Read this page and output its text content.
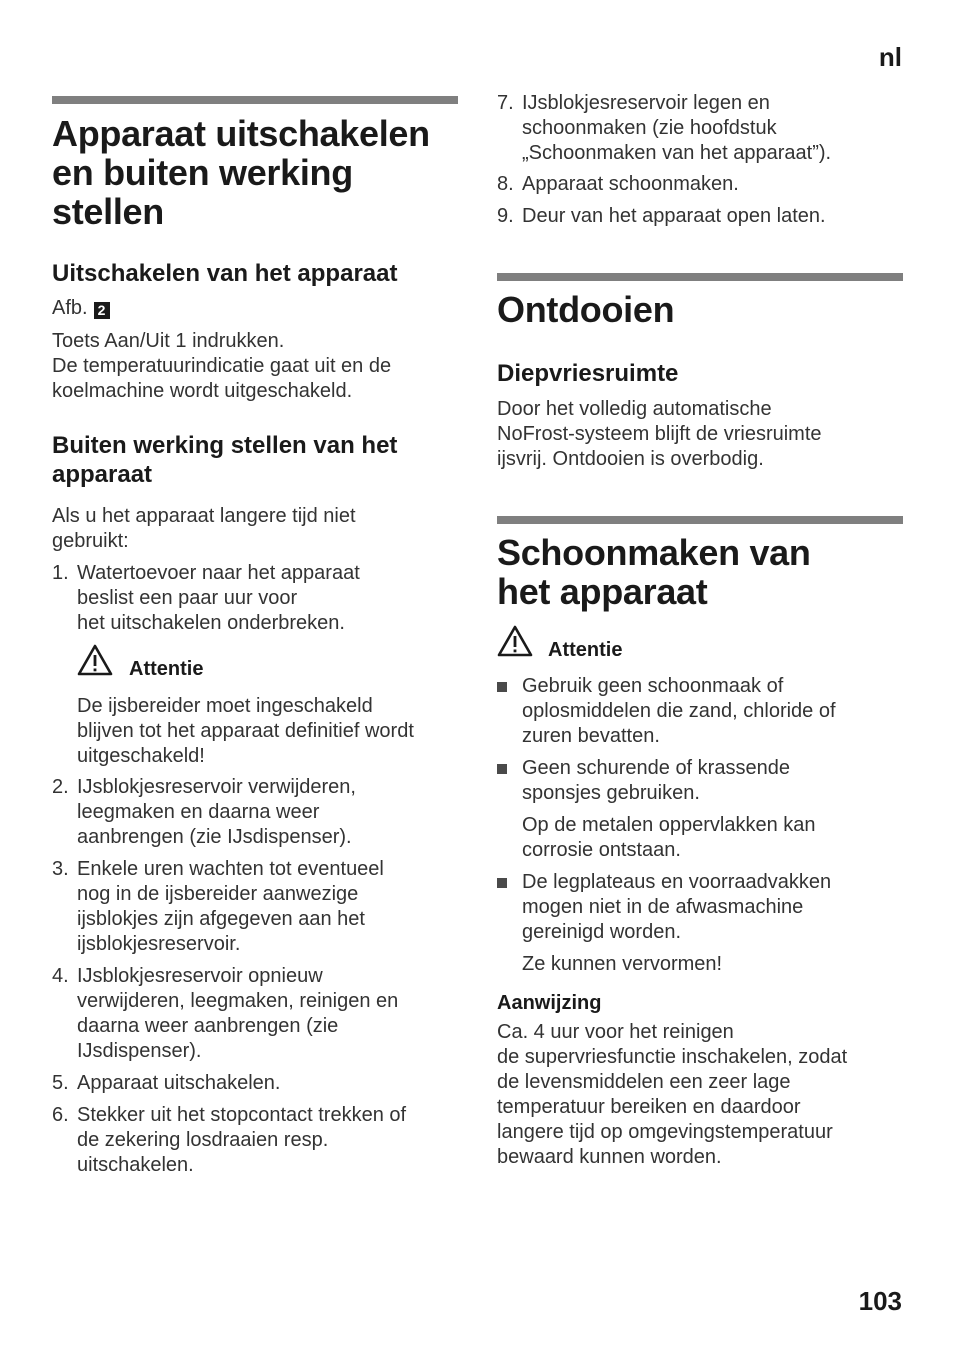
nl
103
Apparaat uitschakelen
en buiten werking
stellen
Uitschakelen van het apparaat
Afb. 2
Toets Aan/Uit 1 indrukken.
De temperatuurindicatie gaat uit en de
koelmachine wordt uitgeschakeld.
Buiten werking stellen van het
apparaat
Als u het apparaat langere tijd niet
gebruikt:
1. Watertoevoer naar het apparaat
beslist een paar uur voor
het uitschakelen onderbreken.
Attentie
De ijsbereider moet ingeschakeld
blijven tot het apparaat definitief wordt
uitgeschakeld!
2. IJsblokjesreservoir verwijderen,
leegmaken en daarna weer
aanbrengen (zie IJsdispenser).
3. Enkele uren wachten tot eventueel
nog in de ijsbereider aanwezige
ijsblokjes zijn afgegeven aan het
ijsblokjesreservoir.
4. IJsblokjesreservoir opnieuw
verwijderen, leegmaken, reinigen en
daarna weer aanbrengen (zie
IJsdispenser).
5. Apparaat uitschakelen.
6. Stekker uit het stopcontact trekken of
de zekering losdraaien resp.
uitschakelen.
7. IJsblokjesreservoir legen en
schoonmaken (zie hoofdstuk
„Schoonmaken van het apparaat”).
8. Apparaat schoonmaken.
9. Deur van het apparaat open laten.
Ontdooien
Diepvriesruimte
Door het volledig automatische
NoFrost-systeem blijft de vriesruimte
ijsvrij. Ontdooien is overbodig.
Schoonmaken van
het apparaat
Attentie
Gebruik geen schoonmaak of
oplosmiddelen die zand, chloride of
zuren bevatten.
Geen schurende of krassende
sponsjes gebruiken.
Op de metalen oppervlakken kan
corrosie ontstaan.
De legplateaus en voorraadvakken
mogen niet in de afwasmachine
gereinigd worden.
Ze kunnen vervormen!
Aanwijzing
Ca. 4 uur voor het reinigen
de supervriesfunctie inschakelen, zodat
de levensmiddelen een zeer lage
temperatuur bereiken en daardoor
langere tijd op omgevingstemperatuur
bewaard kunnen worden.
